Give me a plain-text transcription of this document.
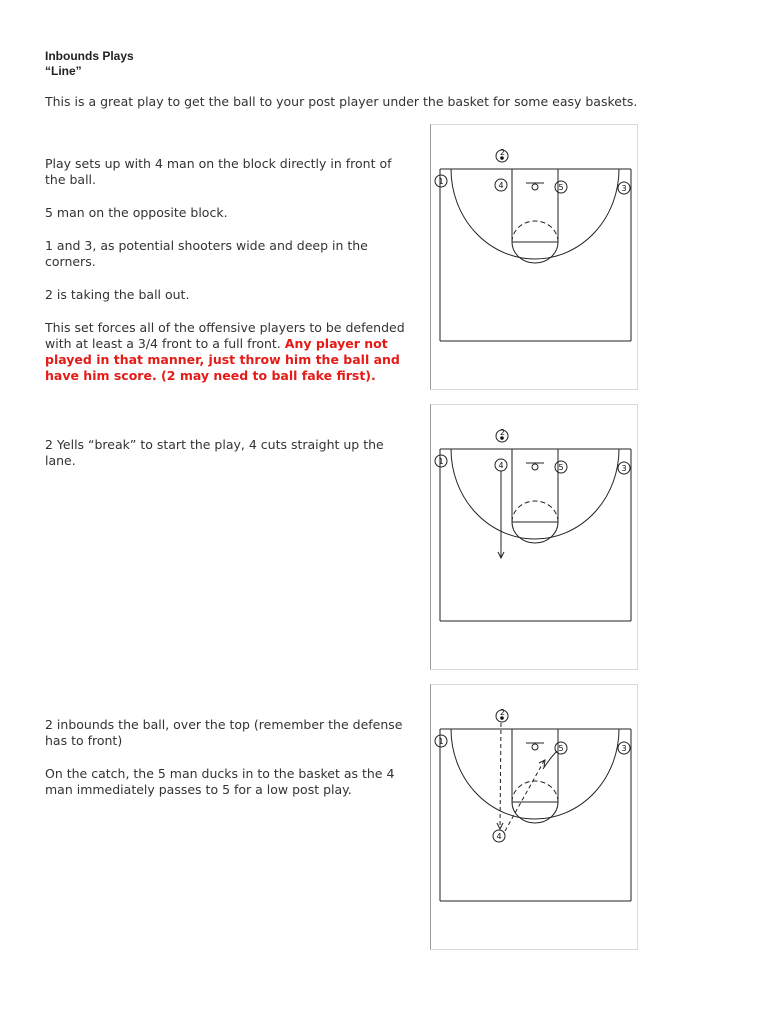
Inbounds Plays
“Line”
This is a great play to get the ball to your post player under the basket for some easy baskets.

Play sets up with 4 man on the block directly in front of the ball.

5 man on the opposite block.

1 and 3, as potential shooters wide and deep in the corners.

2 is taking the ball out.

This set forces all of the offensive players to be defended with at least a 3/4 front to a full front. Any player not played in that manner, just throw him the ball and have him score. (2 may need to ball fake first).

2 Yells “break” to start the play, 4 cuts straight up the lane.

2 inbounds the ball, over the top (remember the defense has to front)

On the catch, the 5 man ducks in to the basket as the 4 man immediately passes to 5 for a low post play.

2
1	4	5	3
2
1	4	5	3
2
1
4
5	3
